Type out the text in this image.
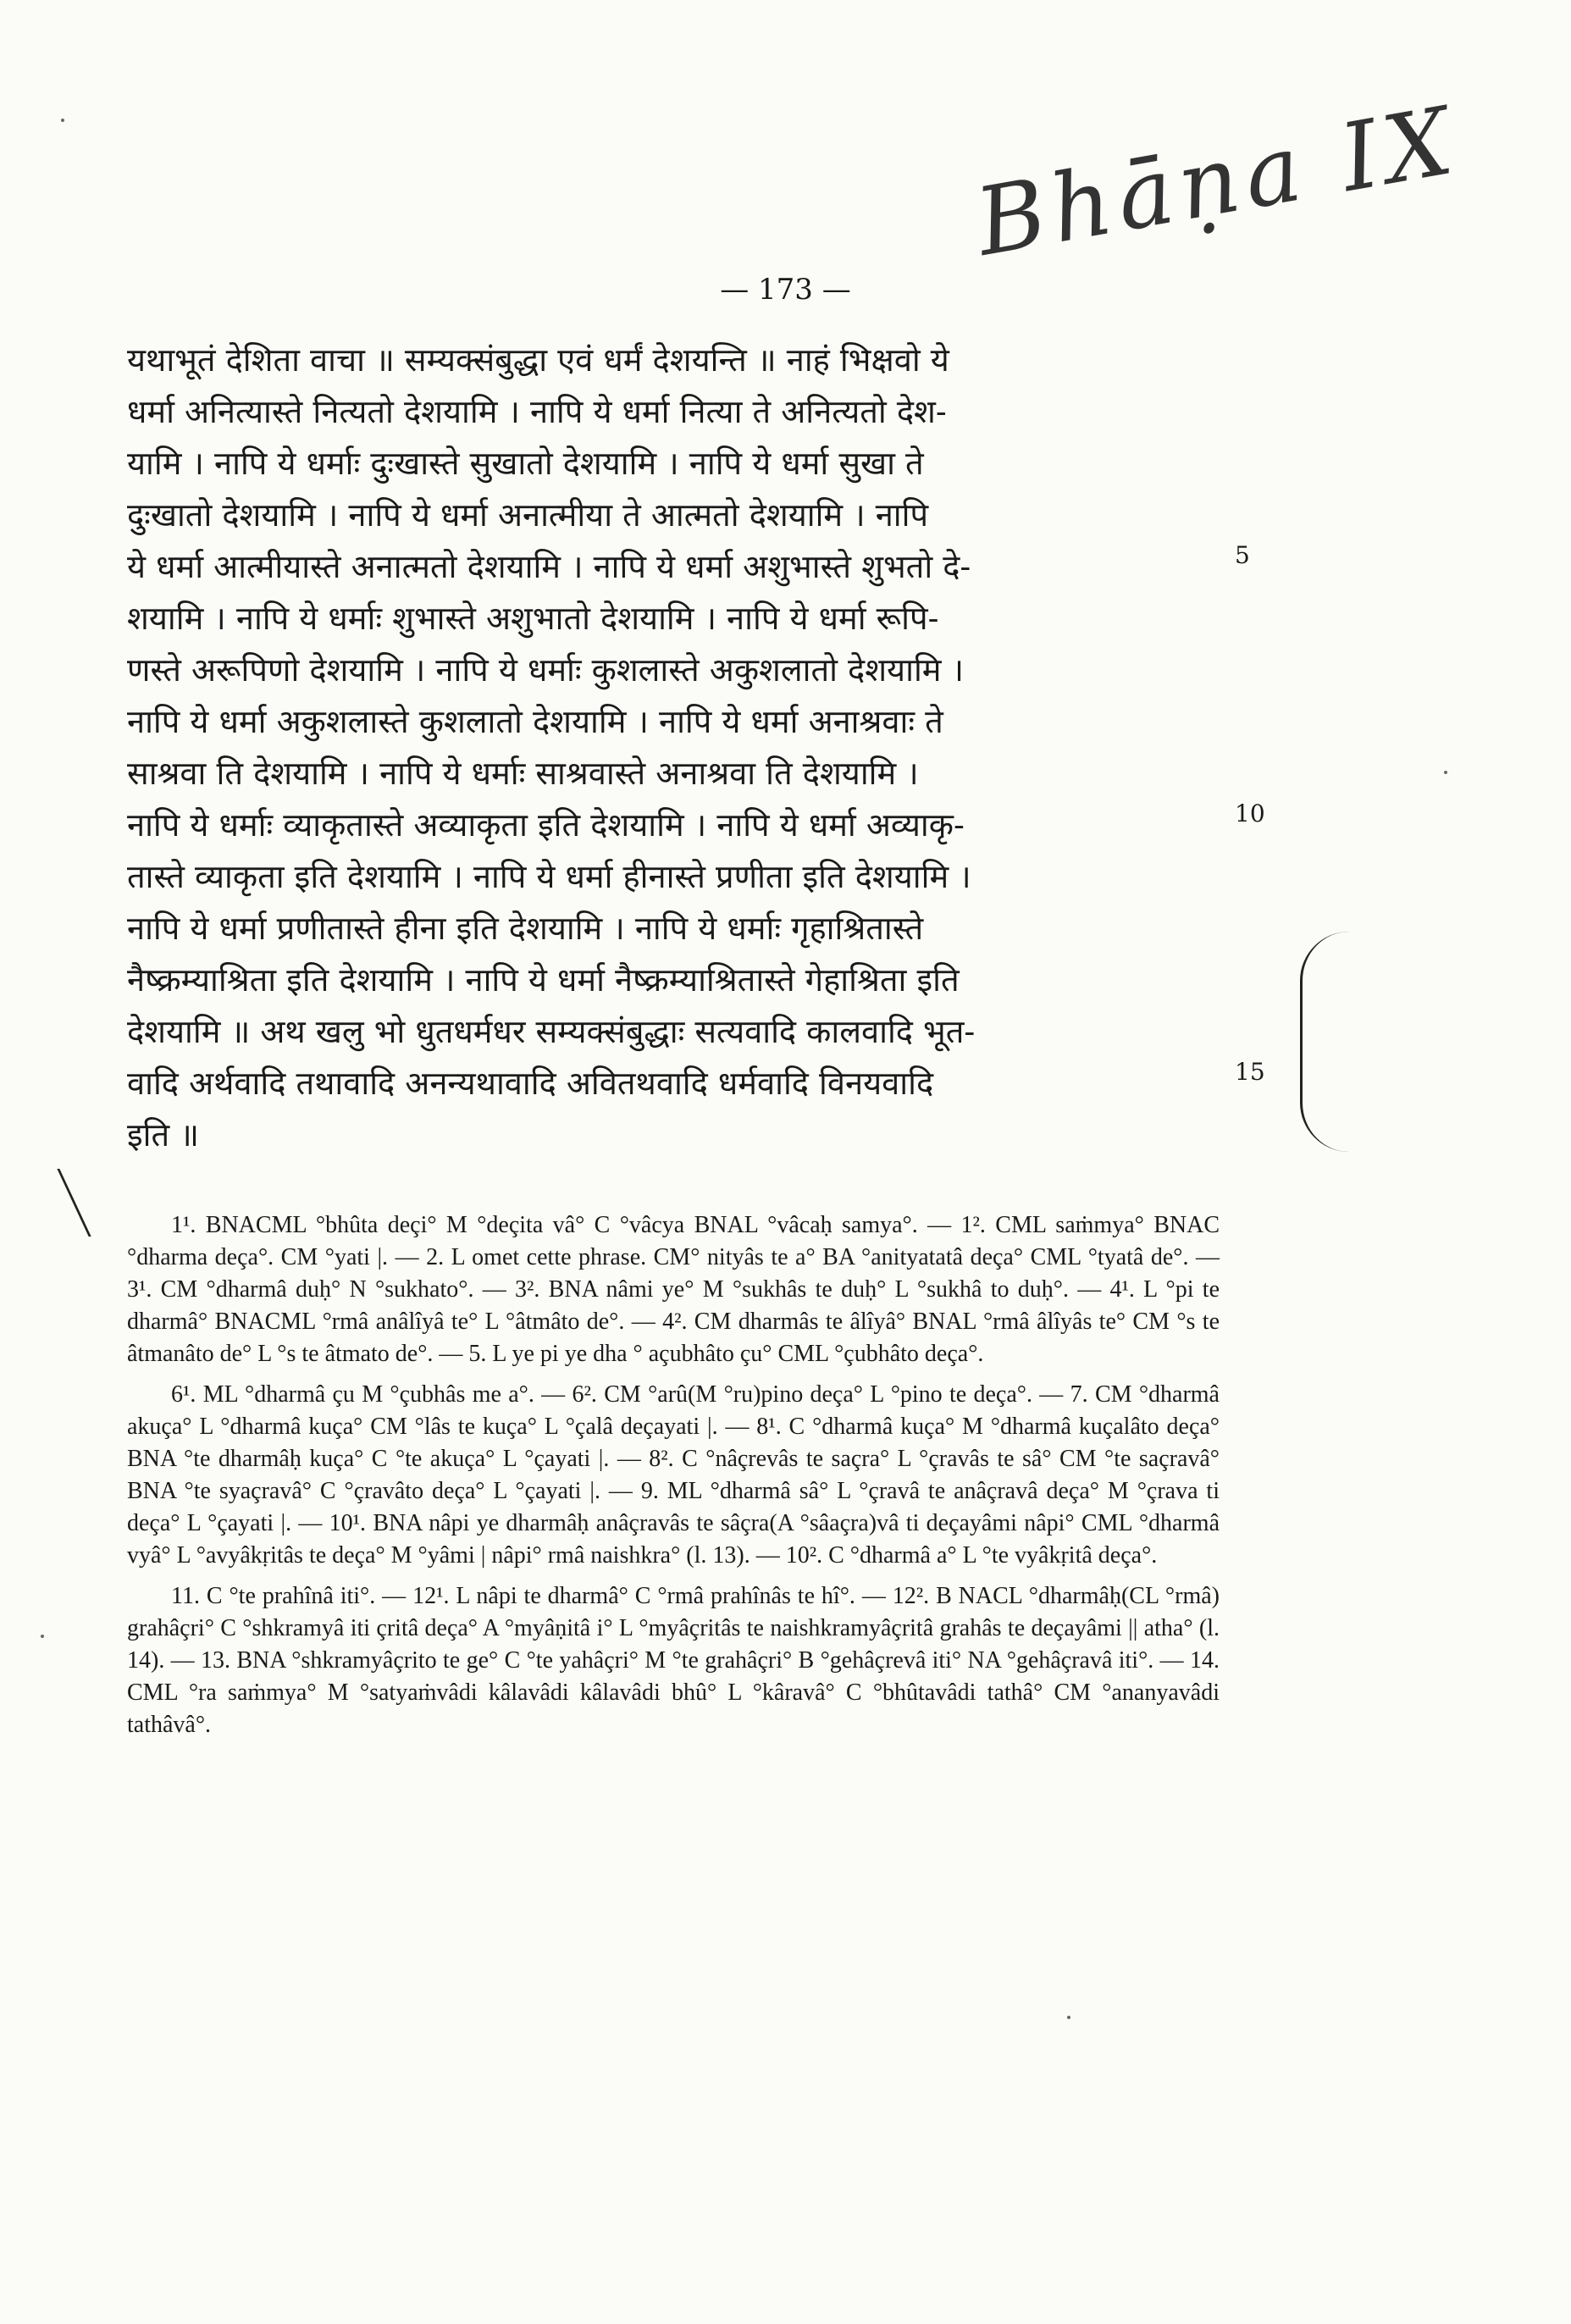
— 173 —
Bhāṇa IX
यथाभूतं देशिता वाचा ॥ सम्यक्संबुद्धा एवं धर्मं देशयन्ति ॥ नाहं भिक्षवो ये
धर्मा अनित्यास्ते नित्यतो देशयामि । नापि ये धर्मा नित्या ते अनित्यतो देश-
यामि । नापि ये धर्माः दुःखास्ते सुखातो देशयामि । नापि ये धर्मा सुखा ते
दुःखातो देशयामि । नापि ये धर्मा अनात्मीया ते आत्मतो देशयामि । नापि
ये धर्मा आत्मीयास्ते अनात्मतो देशयामि । नापि ये धर्मा अशुभास्ते शुभतो दे-
शयामि । नापि ये धर्माः शुभास्ते अशुभातो देशयामि । नापि ये धर्मा रूपि-
णस्ते अरूपिणो देशयामि । नापि ये धर्माः कुशलास्ते अकुशलातो देशयामि ।
नापि ये धर्मा अकुशलास्ते कुशलातो देशयामि । नापि ये धर्मा अनाश्रवाः ते
साश्रवा ति देशयामि । नापि ये धर्माः साश्रवास्ते अनाश्रवा ति देशयामि ।
नापि ये धर्माः व्याकृतास्ते अव्याकृता इति देशयामि । नापि ये धर्मा अव्याकृ-
तास्ते व्याकृता इति देशयामि । नापि ये धर्मा हीनास्ते प्रणीता इति देशयामि ।
नापि ये धर्मा प्रणीतास्ते हीना इति देशयामि । नापि ये धर्माः गृहाश्रितास्ते
नैष्क्रम्याश्रिता इति देशयामि । नापि ये धर्मा नैष्क्रम्याश्रितास्ते गेहाश्रिता इति
देशयामि ॥ अथ खलु भो धुतधर्मधर सम्यक्संबुद्धाः सत्यवादि कालवादि भूत-
वादि अर्थवादि तथावादि अनन्यथावादि अवितथवादि धर्मवादि विनयवादि
इति ॥
5
10
15

1¹. BNACML °bhûta deçi° M °deçita vâ° C °vâcya BNAL °vâcaḥ samya°. — 1². CML saṁmya° BNAC °dharma deça°. CM °yati |. — 2. L omet cette phrase. CM° nityâs te a° BA °anityatatâ deça° CML °tyatâ de°. — 3¹. CM °dharmâ duḥ° N °sukhato°. — 3². BNA nâmi ye° M °sukhâs te duḥ° L °sukhâ to duḥ°. — 4¹. L °pi te dharmâ° BNACML °rmâ anâlîyâ te° L °âtmâto de°. — 4². CM dharmâs te âlîyâ° BNAL °rmâ âlîyâs te° CM °s te âtmanâto de° L °s te âtmato de°. — 5. L ye pi ye dha ° açubhâto çu° CML °çubhâto deça°.

6¹. ML °dharmâ çu M °çubhâs me a°. — 6². CM °arû(M °ru)pino deça° L °pino te deça°. — 7. CM °dharmâ akuça° L °dharmâ kuça° CM °lâs te kuça° L °çalâ deçayati |. — 8¹. C °dharmâ kuça° M °dharmâ kuçalâto deça° BNA °te dharmâḥ kuça° C °te akuça° L °çayati |. — 8². C °nâçrevâs te saçra° L °çravâs te sâ° CM °te saçravâ° BNA °te syaçravâ° C °çravâto deça° L °çayati |. — 9. ML °dharmâ sâ° L °çravâ te anâçravâ deça° M °çrava ti deça° L °çayati |. — 10¹. BNA nâpi ye dharmâḥ anâçravâs te sâçra(A °sâaçra)vâ ti deçayâmi nâpi° CML °dharmâ vyâ° L °avyâkṛitâs te deça° M °yâmi | nâpi° rmâ naishkra° (l. 13). — 10². C °dharmâ a° L °te vyâkṛitâ deça°.

11. C °te prahînâ iti°. — 12¹. L nâpi te dharmâ° C °rmâ prahînâs te hî°. — 12². B NACL °dharmâḥ(CL °rmâ) grahâçri° C °shkramyâ iti çritâ deça° A °myâṇitâ i° L °myâçritâs te naishkramyâçritâ grahâs te deçayâmi || atha° (l. 14). — 13. BNA °shkramyâçrito te ge° C °te yahâçri° M °te grahâçri° B °gehâçrevâ iti° NA °gehâçravâ iti°. — 14. CML °ra saṁmya° M °satyaṁvâdi kâlavâdi kâlavâdi bhû° L °kâravâ° C °bhûtavâdi tathâ° CM °ananyavâdi tathâvâ°.
